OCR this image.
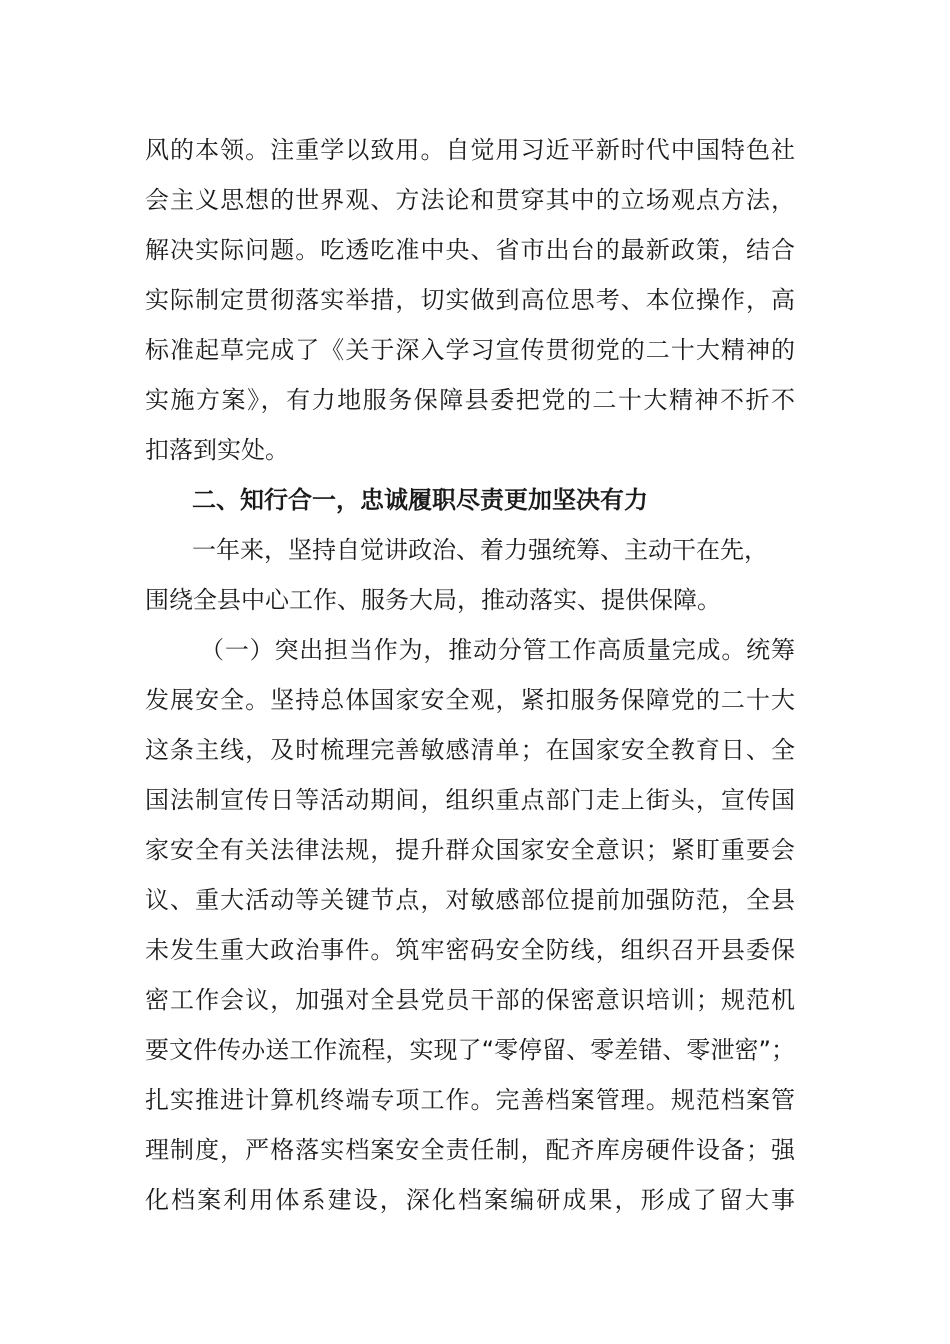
风的本领。注重学以致用。自觉用习近平新时代中国特色社
会主义思想的世界观、方法论和贯穿其中的立场观点方法，
解决实际问题。吃透吃准中央、省市出台的最新政策，结合
实际制定贯彻落实举措，切实做到高位思考、本位操作，高
标准起草完成了《关于深入学习宣传贯彻党的二十大精神的
实施方案》，有力地服务保障县委把党的二十大精神不折不
扣落到实处。
二、知行合一，忠诚履职尽责更加坚决有力
一年来，坚持自觉讲政治、着力强统筹、主动干在先，
围绕全县中心工作、服务大局，推动落实、提供保障。
（一）突出担当作为，推动分管工作高质量完成。统筹
发展安全。坚持总体国家安全观，紧扣服务保障党的二十大
这条主线，及时梳理完善敏感清单；在国家安全教育日、全
国法制宣传日等活动期间，组织重点部门走上街头，宣传国
家安全有关法律法规，提升群众国家安全意识；紧盯重要会
议、重大活动等关键节点，对敏感部位提前加强防范，全县
未发生重大政治事件。筑牢密码安全防线，组织召开县委保
密工作会议，加强对全县党员干部的保密意识培训；规范机
要文件传办送工作流程，实现了“零停留、零差错、零泄密”；
扎实推进计算机终端专项工作。完善档案管理。规范档案管
理制度，严格落实档案安全责任制，配齐库房硬件设备；强
化档案利用体系建设，深化档案编研成果，形成了留大事
